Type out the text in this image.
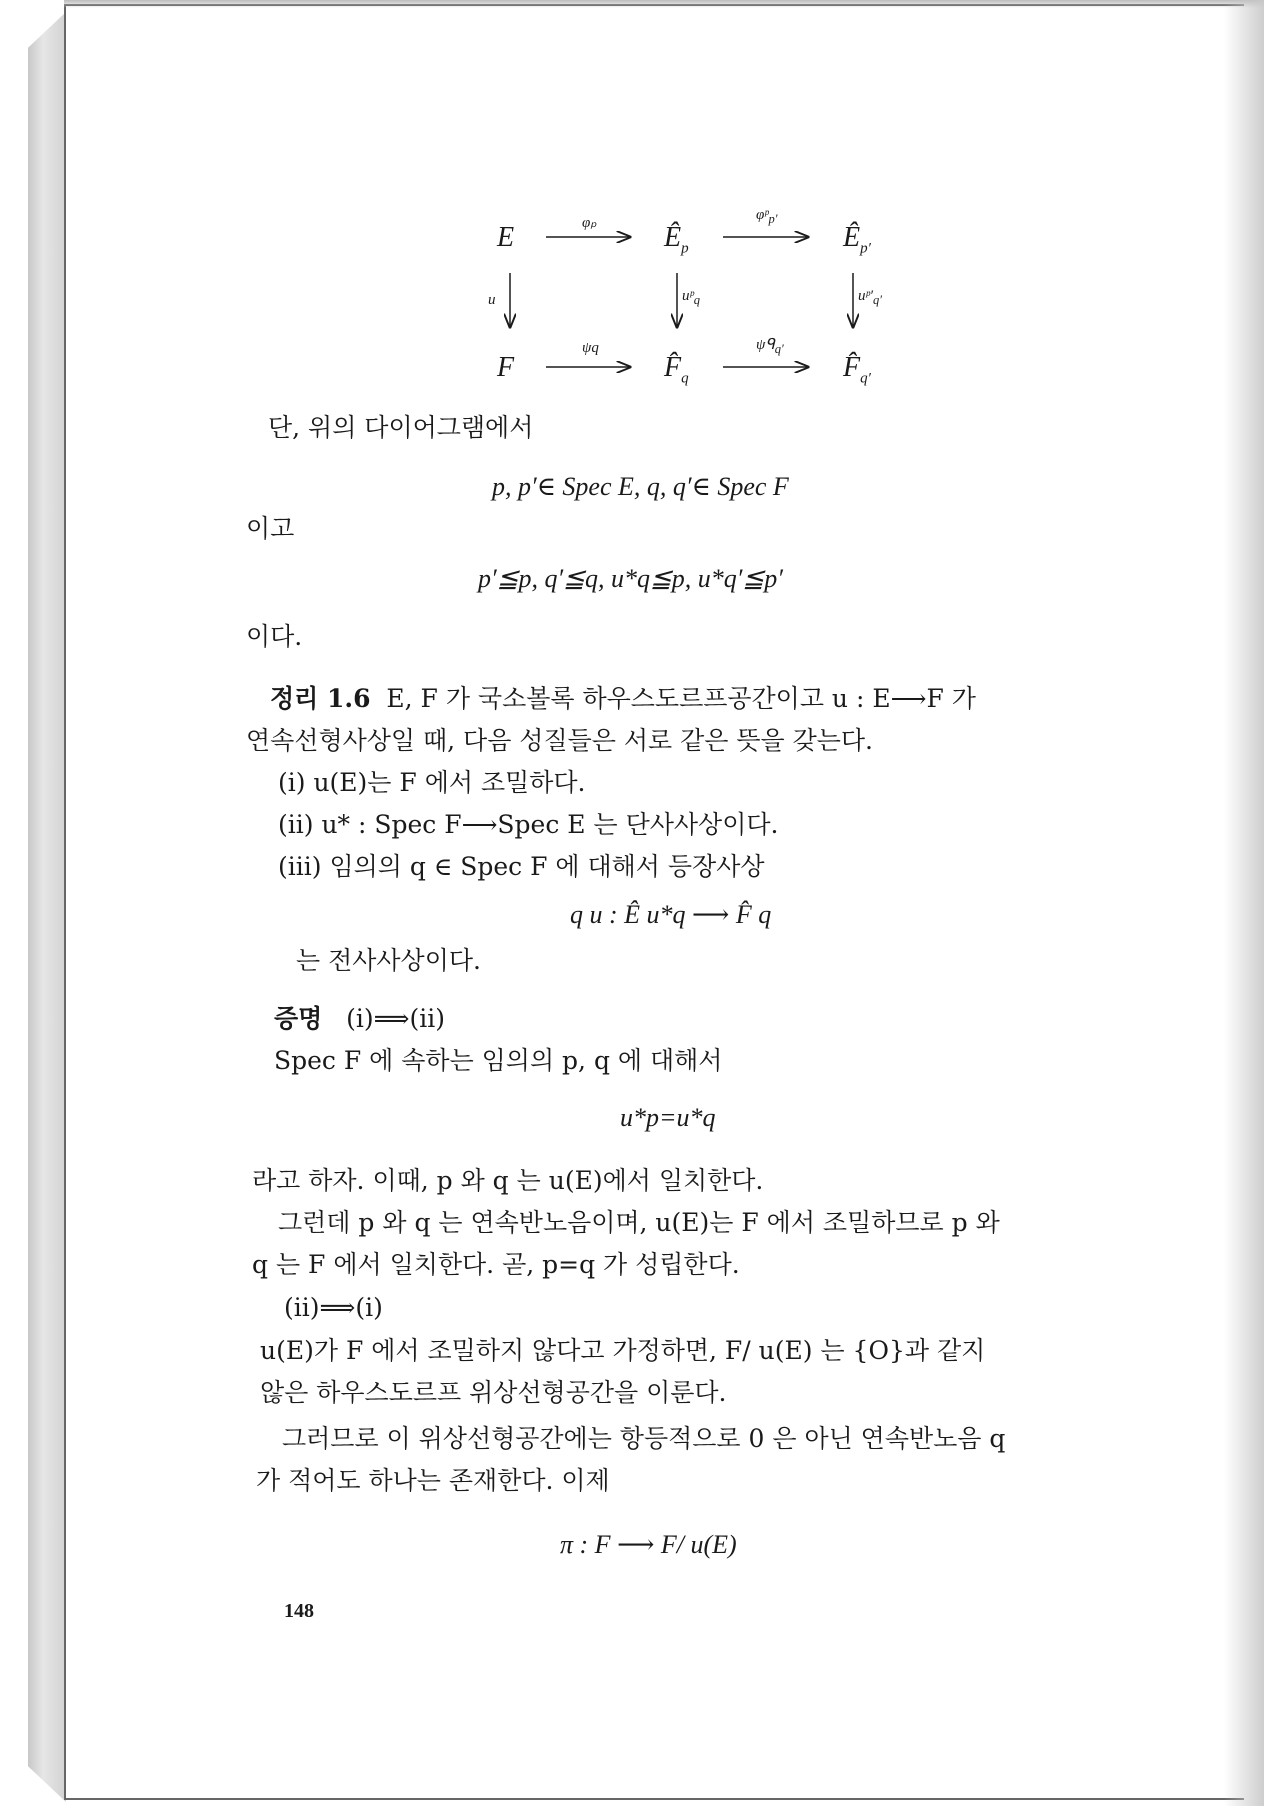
E	$Ê_p$	$Ê_{p'}$
F	$F̂_q$	$F̂_{q'}$
φₚ	φᵖ$_{p'}$
u	uᵖ$_q$	$uᵖ'_{q'}$
ψq	ψᑫ$_{q'}$
단, 위의 다이어그램에서
p, p′∈ Spec E, q, q′∈ Spec F
이고
p′≦p, q′≦q, u*q≦p, u*q′≦p′
이다.
정리 1.6 E, F 가 국소볼록 하우스도르프공간이고 u : E⟶F 가
연속선형사상일 때, 다음 성질들은 서로 같은 뜻을 갖는다.
(i) u(E)는 F 에서 조밀하다.
(ii) u* : Spec F⟶Spec E 는 단사사상이다.
(iii) 임의의 q ∈ Spec F 에 대해서 등장사상
q u : Ê u*q ⟶ F̂ q
는 전사사상이다.
증명 (i)⟹(ii)
Spec F 에 속하는 임의의 p, q 에 대해서
u*p=u*q
라고 하자. 이때, p 와 q 는 u(E)에서 일치한다.
그런데 p 와 q 는 연속반노음이며, u(E)는 F 에서 조밀하므로 p 와
q 는 F 에서 일치한다. 곧, p=q 가 성립한다.
(ii)⟹(i)
u(E)가 F 에서 조밀하지 않다고 가정하면, F/ u(E) 는 {O}과 같지
않은 하우스도르프 위상선형공간을 이룬다.
그러므로 이 위상선형공간에는 항등적으로 0 은 아닌 연속반노음 q
가 적어도 하나는 존재한다. 이제
π : F ⟶ F/ u(E)
148
